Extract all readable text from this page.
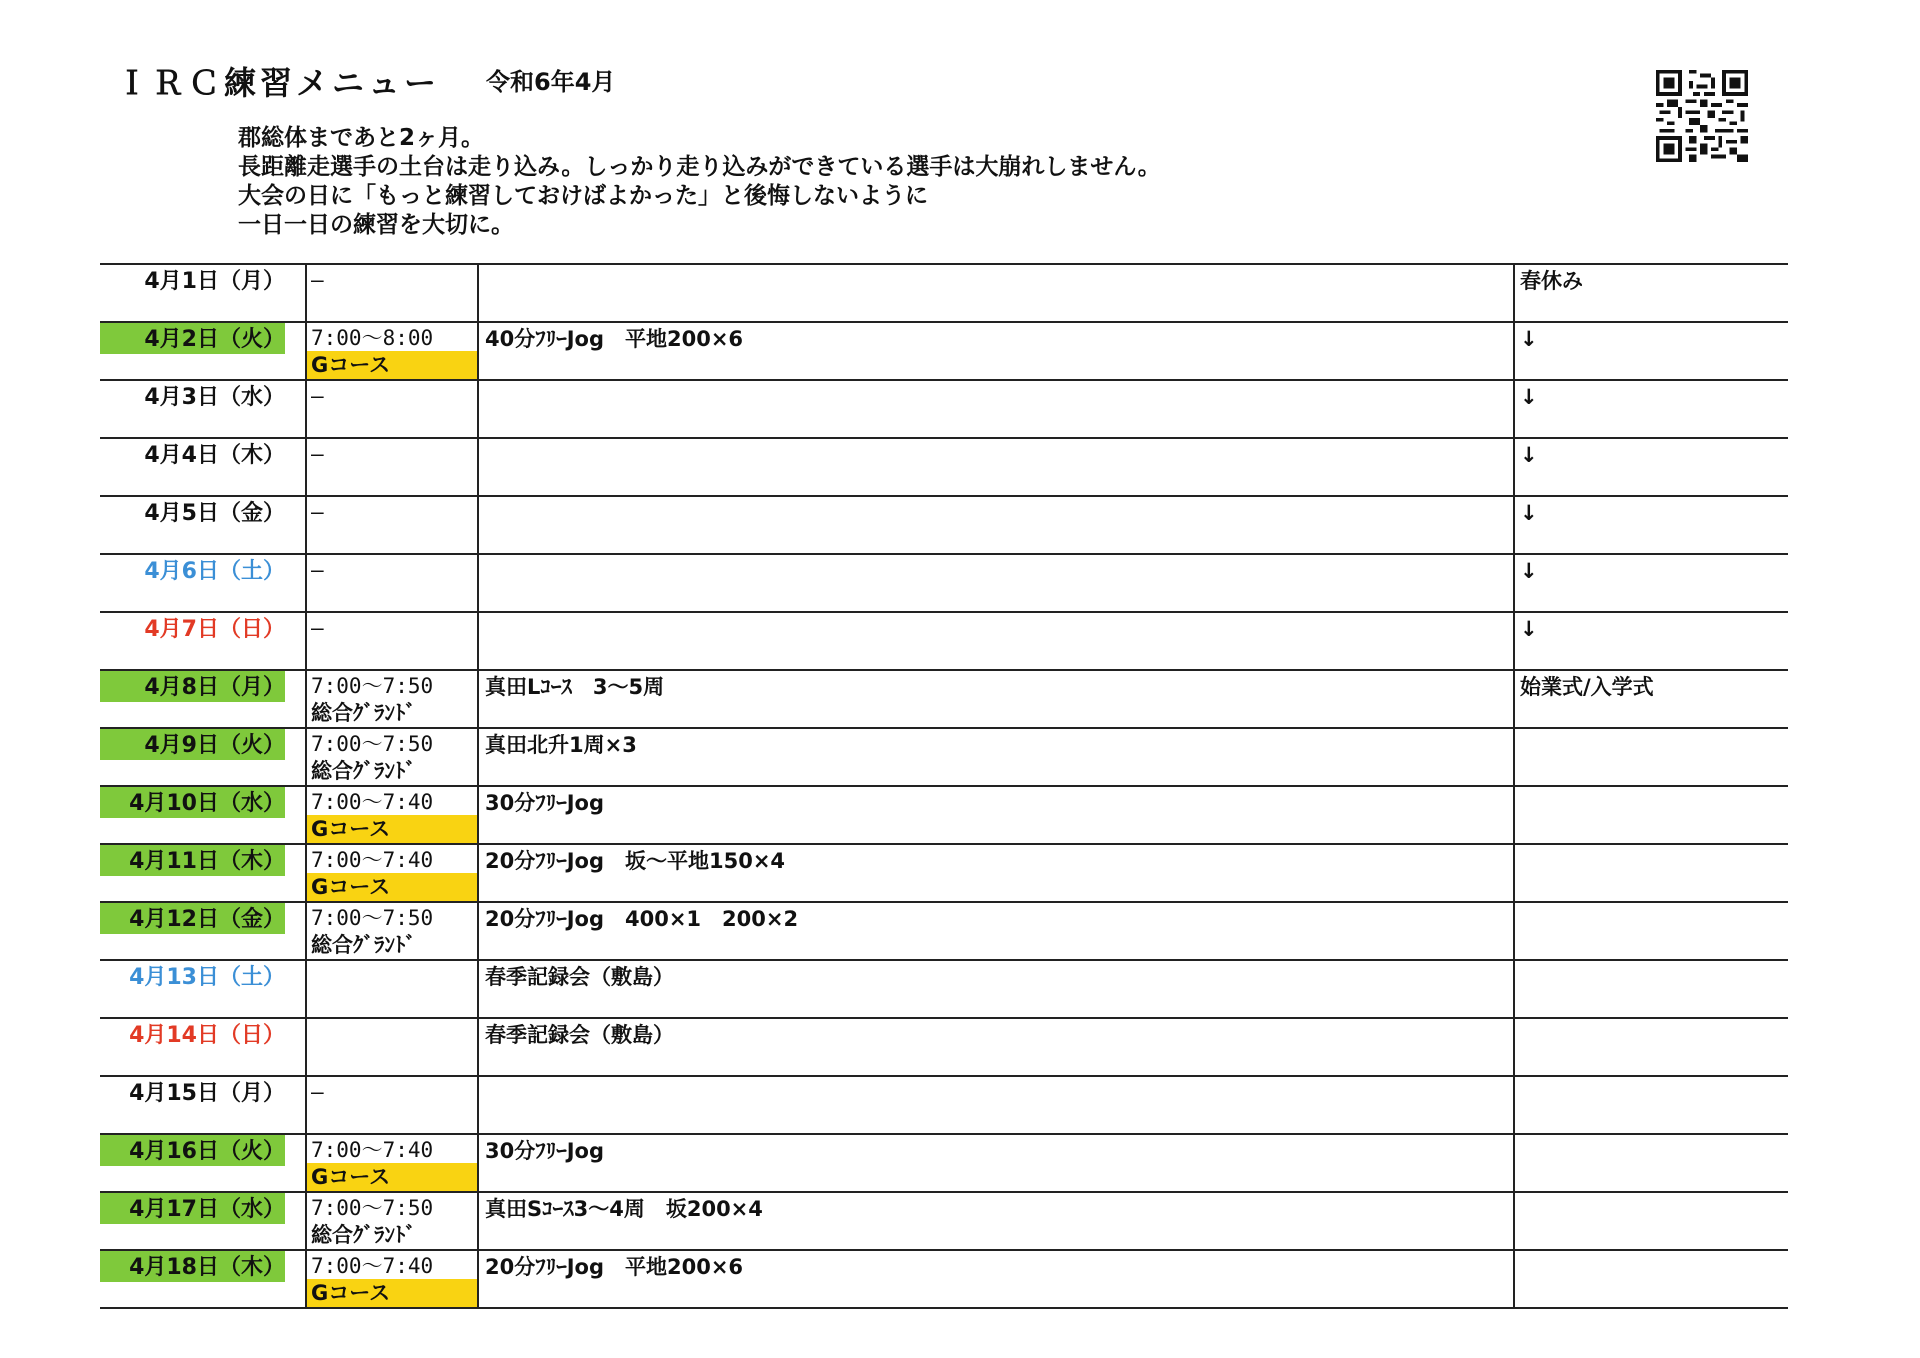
ＩＲＣ練習メニュー 令和6年4月
郡総体まであと2ヶ月。
長距離走選手の土台は走り込み。しっかり走り込みができている選手は大崩れしません。
大会の日に「もっと練習しておけばよかった」と後悔しないように
一日一日の練習を大切に。
4月1日（月）	–		春休み

4月2日（火）	7:00～8:00
Gコース	40分ﾌﾘｰJog　平地200×6	↓

4月3日（水）	–		↓

4月4日（木）	–		↓

4月5日（金）	–		↓

4月6日（土）	–		↓

4月7日（日）	–		↓

4月8日（月）	7:00～7:50
総合ｸﾞﾗﾝﾄﾞ	真田Lｺｰｽ　3～5周	始業式/入学式

4月9日（火）	7:00～7:50
総合ｸﾞﾗﾝﾄﾞ	真田北升1周×3	

4月10日（水）	7:00～7:40
Gコース	30分ﾌﾘｰJog	

4月11日（木）	7:00～7:40
Gコース	20分ﾌﾘｰJog　坂～平地150×4	

4月12日（金）	7:00～7:50
総合ｸﾞﾗﾝﾄﾞ	20分ﾌﾘｰJog　400×1　200×2	

4月13日（土）		春季記録会（敷島）	

4月14日（日）		春季記録会（敷島）	

4月15日（月）	–		

4月16日（火）	7:00～7:40
Gコース	30分ﾌﾘｰJog	

4月17日（水）	7:00～7:50
総合ｸﾞﾗﾝﾄﾞ	真田Sｺｰｽ3～4周　坂200×4	

4月18日（木）	7:00～7:40
Gコース	20分ﾌﾘｰJog　平地200×6	
